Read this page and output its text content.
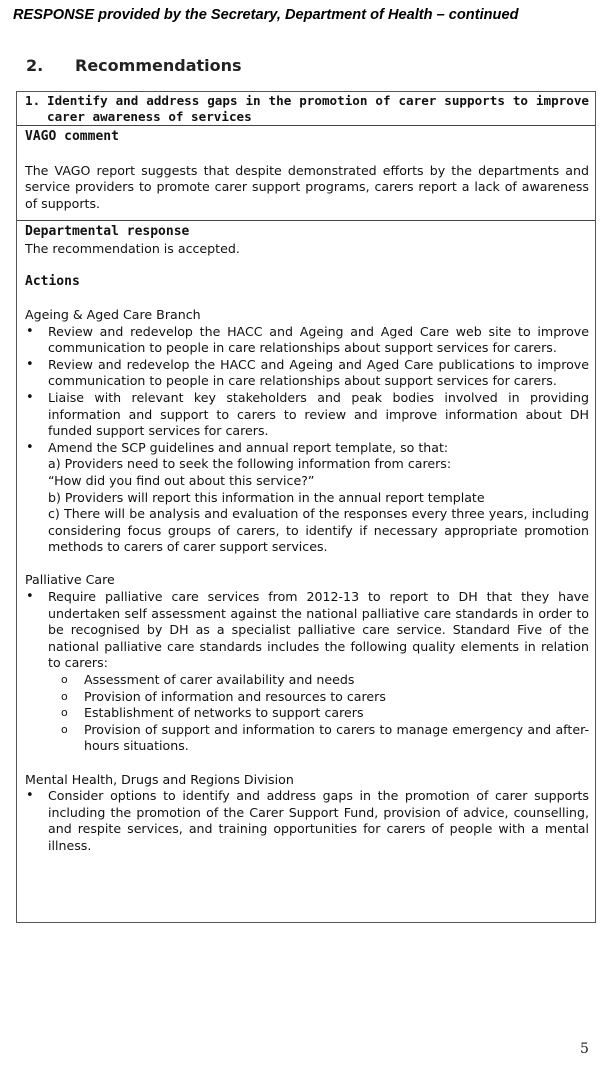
RESPONSE provided by the Secretary, Department of Health – continued
2. Recommendations
1. Identify and address gaps in the promotion of carer supports to improve carer awareness of services
VAGO comment
The VAGO report suggests that despite demonstrated efforts by the departments and service providers to promote carer support programs, carers report a lack of awareness of supports.
Departmental response
The recommendation is accepted.
Actions
Ageing & Aged Care Branch
• Review and redevelop the HACC and Ageing and Aged Care web site to improve communication to people in care relationships about support services for carers.
• Review and redevelop the HACC and Ageing and Aged Care publications to improve communication to people in care relationships about support services for carers.
• Liaise with relevant key stakeholders and peak bodies involved in providing information and support to carers to review and improve information about DH funded support services for carers.
• Amend the SCP guidelines and annual report template, so that:
a) Providers need to seek the following information from carers:
“How did you find out about this service?”
b) Providers will report this information in the annual report template
c) There will be analysis and evaluation of the responses every three years, including considering focus groups of carers, to identify if necessary appropriate promotion methods to carers of carer support services.
Palliative Care
• Require palliative care services from 2012-13 to report to DH that they have undertaken self assessment against the national palliative care standards in order to be recognised by DH as a specialist palliative care service. Standard Five of the national palliative care standards includes the following quality elements in relation to carers:
o Assessment of carer availability and needs
o Provision of information and resources to carers
o Establishment of networks to support carers
o Provision of support and information to carers to manage emergency and after-hours situations.
Mental Health, Drugs and Regions Division
• Consider options to identify and address gaps in the promotion of carer supports including the promotion of the Carer Support Fund, provision of advice, counselling, and respite services, and training opportunities for carers of people with a mental illness.
5
